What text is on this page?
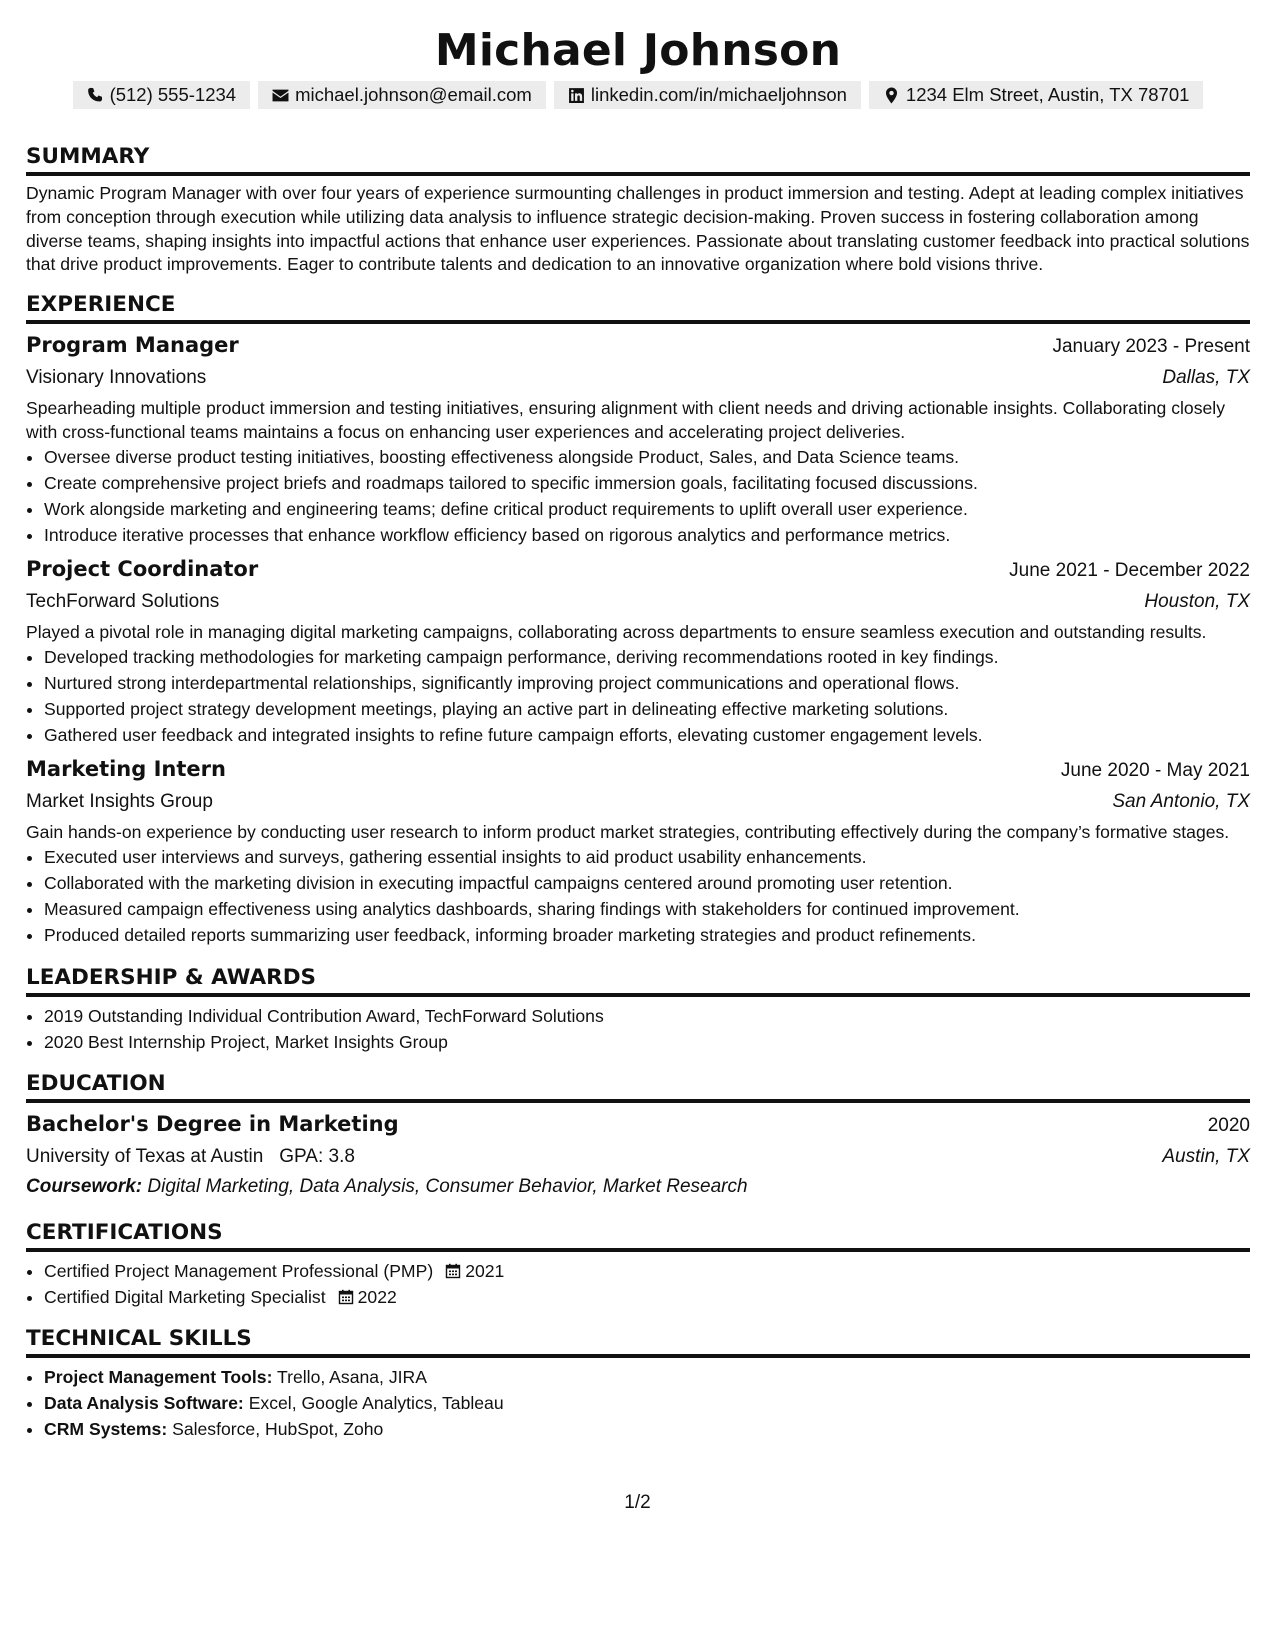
Michael Johnson
(512) 555-1234	michael.johnson@email.com	linkedin.com/in/michaeljohnson	1234 Elm Street, Austin, TX 78701
SUMMARY
Dynamic Program Manager with over four years of experience surmounting challenges in product immersion and testing. Adept at leading complex initiatives from conception through execution while utilizing data analysis to influence strategic decision-making. Proven success in fostering collaboration among diverse teams, shaping insights into impactful actions that enhance user experiences. Passionate about translating customer feedback into practical solutions that drive product improvements. Eager to contribute talents and dedication to an innovative organization where bold visions thrive.
EXPERIENCE
Program Manager	January 2023 - Present
Visionary Innovations	Dallas, TX
Spearheading multiple product immersion and testing initiatives, ensuring alignment with client needs and driving actionable insights. Collaborating closely with cross-functional teams maintains a focus on enhancing user experiences and accelerating project deliveries.
• Oversee diverse product testing initiatives, boosting effectiveness alongside Product, Sales, and Data Science teams.
• Create comprehensive project briefs and roadmaps tailored to specific immersion goals, facilitating focused discussions.
• Work alongside marketing and engineering teams; define critical product requirements to uplift overall user experience.
• Introduce iterative processes that enhance workflow efficiency based on rigorous analytics and performance metrics.
Project Coordinator	June 2021 - December 2022
TechForward Solutions	Houston, TX
Played a pivotal role in managing digital marketing campaigns, collaborating across departments to ensure seamless execution and outstanding results.
• Developed tracking methodologies for marketing campaign performance, deriving recommendations rooted in key findings.
• Nurtured strong interdepartmental relationships, significantly improving project communications and operational flows.
• Supported project strategy development meetings, playing an active part in delineating effective marketing solutions.
• Gathered user feedback and integrated insights to refine future campaign efforts, elevating customer engagement levels.
Marketing Intern	June 2020 - May 2021
Market Insights Group	San Antonio, TX
Gain hands-on experience by conducting user research to inform product market strategies, contributing effectively during the company’s formative stages.
• Executed user interviews and surveys, gathering essential insights to aid product usability enhancements.
• Collaborated with the marketing division in executing impactful campaigns centered around promoting user retention.
• Measured campaign effectiveness using analytics dashboards, sharing findings with stakeholders for continued improvement.
• Produced detailed reports summarizing user feedback, informing broader marketing strategies and product refinements.
LEADERSHIP & AWARDS
• 2019 Outstanding Individual Contribution Award, TechForward Solutions
• 2020 Best Internship Project, Market Insights Group
EDUCATION
Bachelor's Degree in Marketing	2020
University of Texas at Austin GPA: 3.8	Austin, TX
Coursework: Digital Marketing, Data Analysis, Consumer Behavior, Market Research
CERTIFICATIONS
• Certified Project Management Professional (PMP) 2021
• Certified Digital Marketing Specialist 2022
TECHNICAL SKILLS
• Project Management Tools: Trello, Asana, JIRA
• Data Analysis Software: Excel, Google Analytics, Tableau
• CRM Systems: Salesforce, HubSpot, Zoho
1/2
